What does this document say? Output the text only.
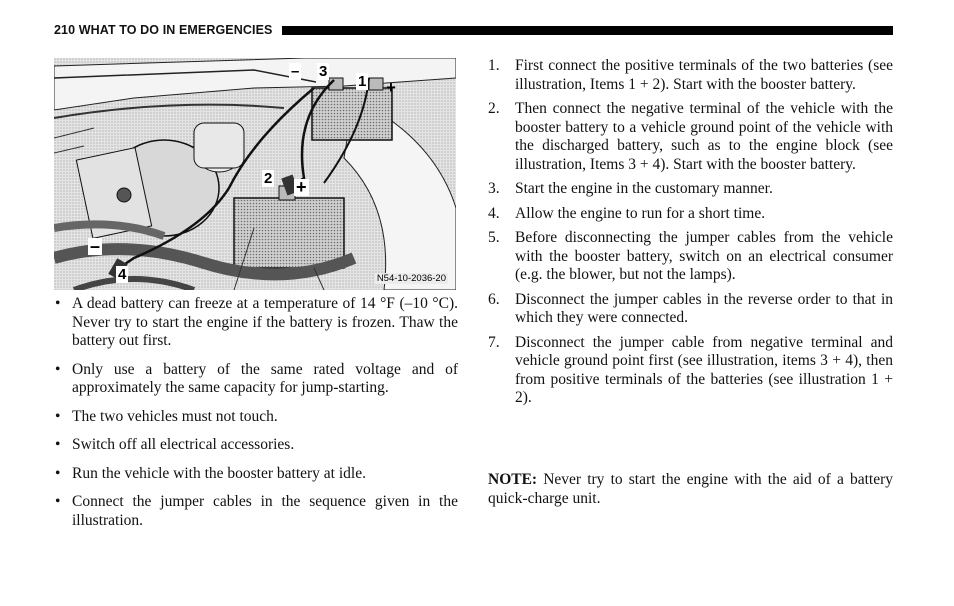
210 WHAT TO DO IN EMERGENCIES
– 3
1 +
2 +
–
4	N54-10-2036-20
• A dead battery can freeze at a temperature of 14 °F (–10 °C). Never try to start the engine if the battery is frozen. Thaw the battery out first.
• Only use a battery of the same rated voltage and of approximately the same capacity for jump-starting.
• The two vehicles must not touch.
• Switch off all electrical accessories.
• Run the vehicle with the booster battery at idle.
• Connect the jumper cables in the sequence given in the illustration.
1. First connect the positive terminals of the two batteries (see illustration, Items 1 + 2). Start with the booster battery.
2. Then connect the negative terminal of the vehicle with the booster battery to a vehicle ground point of the vehicle with the discharged battery, such as to the engine block (see illustration, Items 3 + 4). Start with the booster battery.
3. Start the engine in the customary manner.
4. Allow the engine to run for a short time.
5. Before disconnecting the jumper cables from the vehicle with the booster battery, switch on an electrical consumer (e.g. the blower, but not the lamps).
6. Disconnect the jumper cables in the reverse order to that in which they were connected.
7. Disconnect the jumper cable from negative terminal and vehicle ground point first (see illustration, items 3 + 4), then from positive terminals of the batteries (see illustration 1 + 2).

NOTE: Never try to start the engine with the aid of a battery quick-charge unit.
